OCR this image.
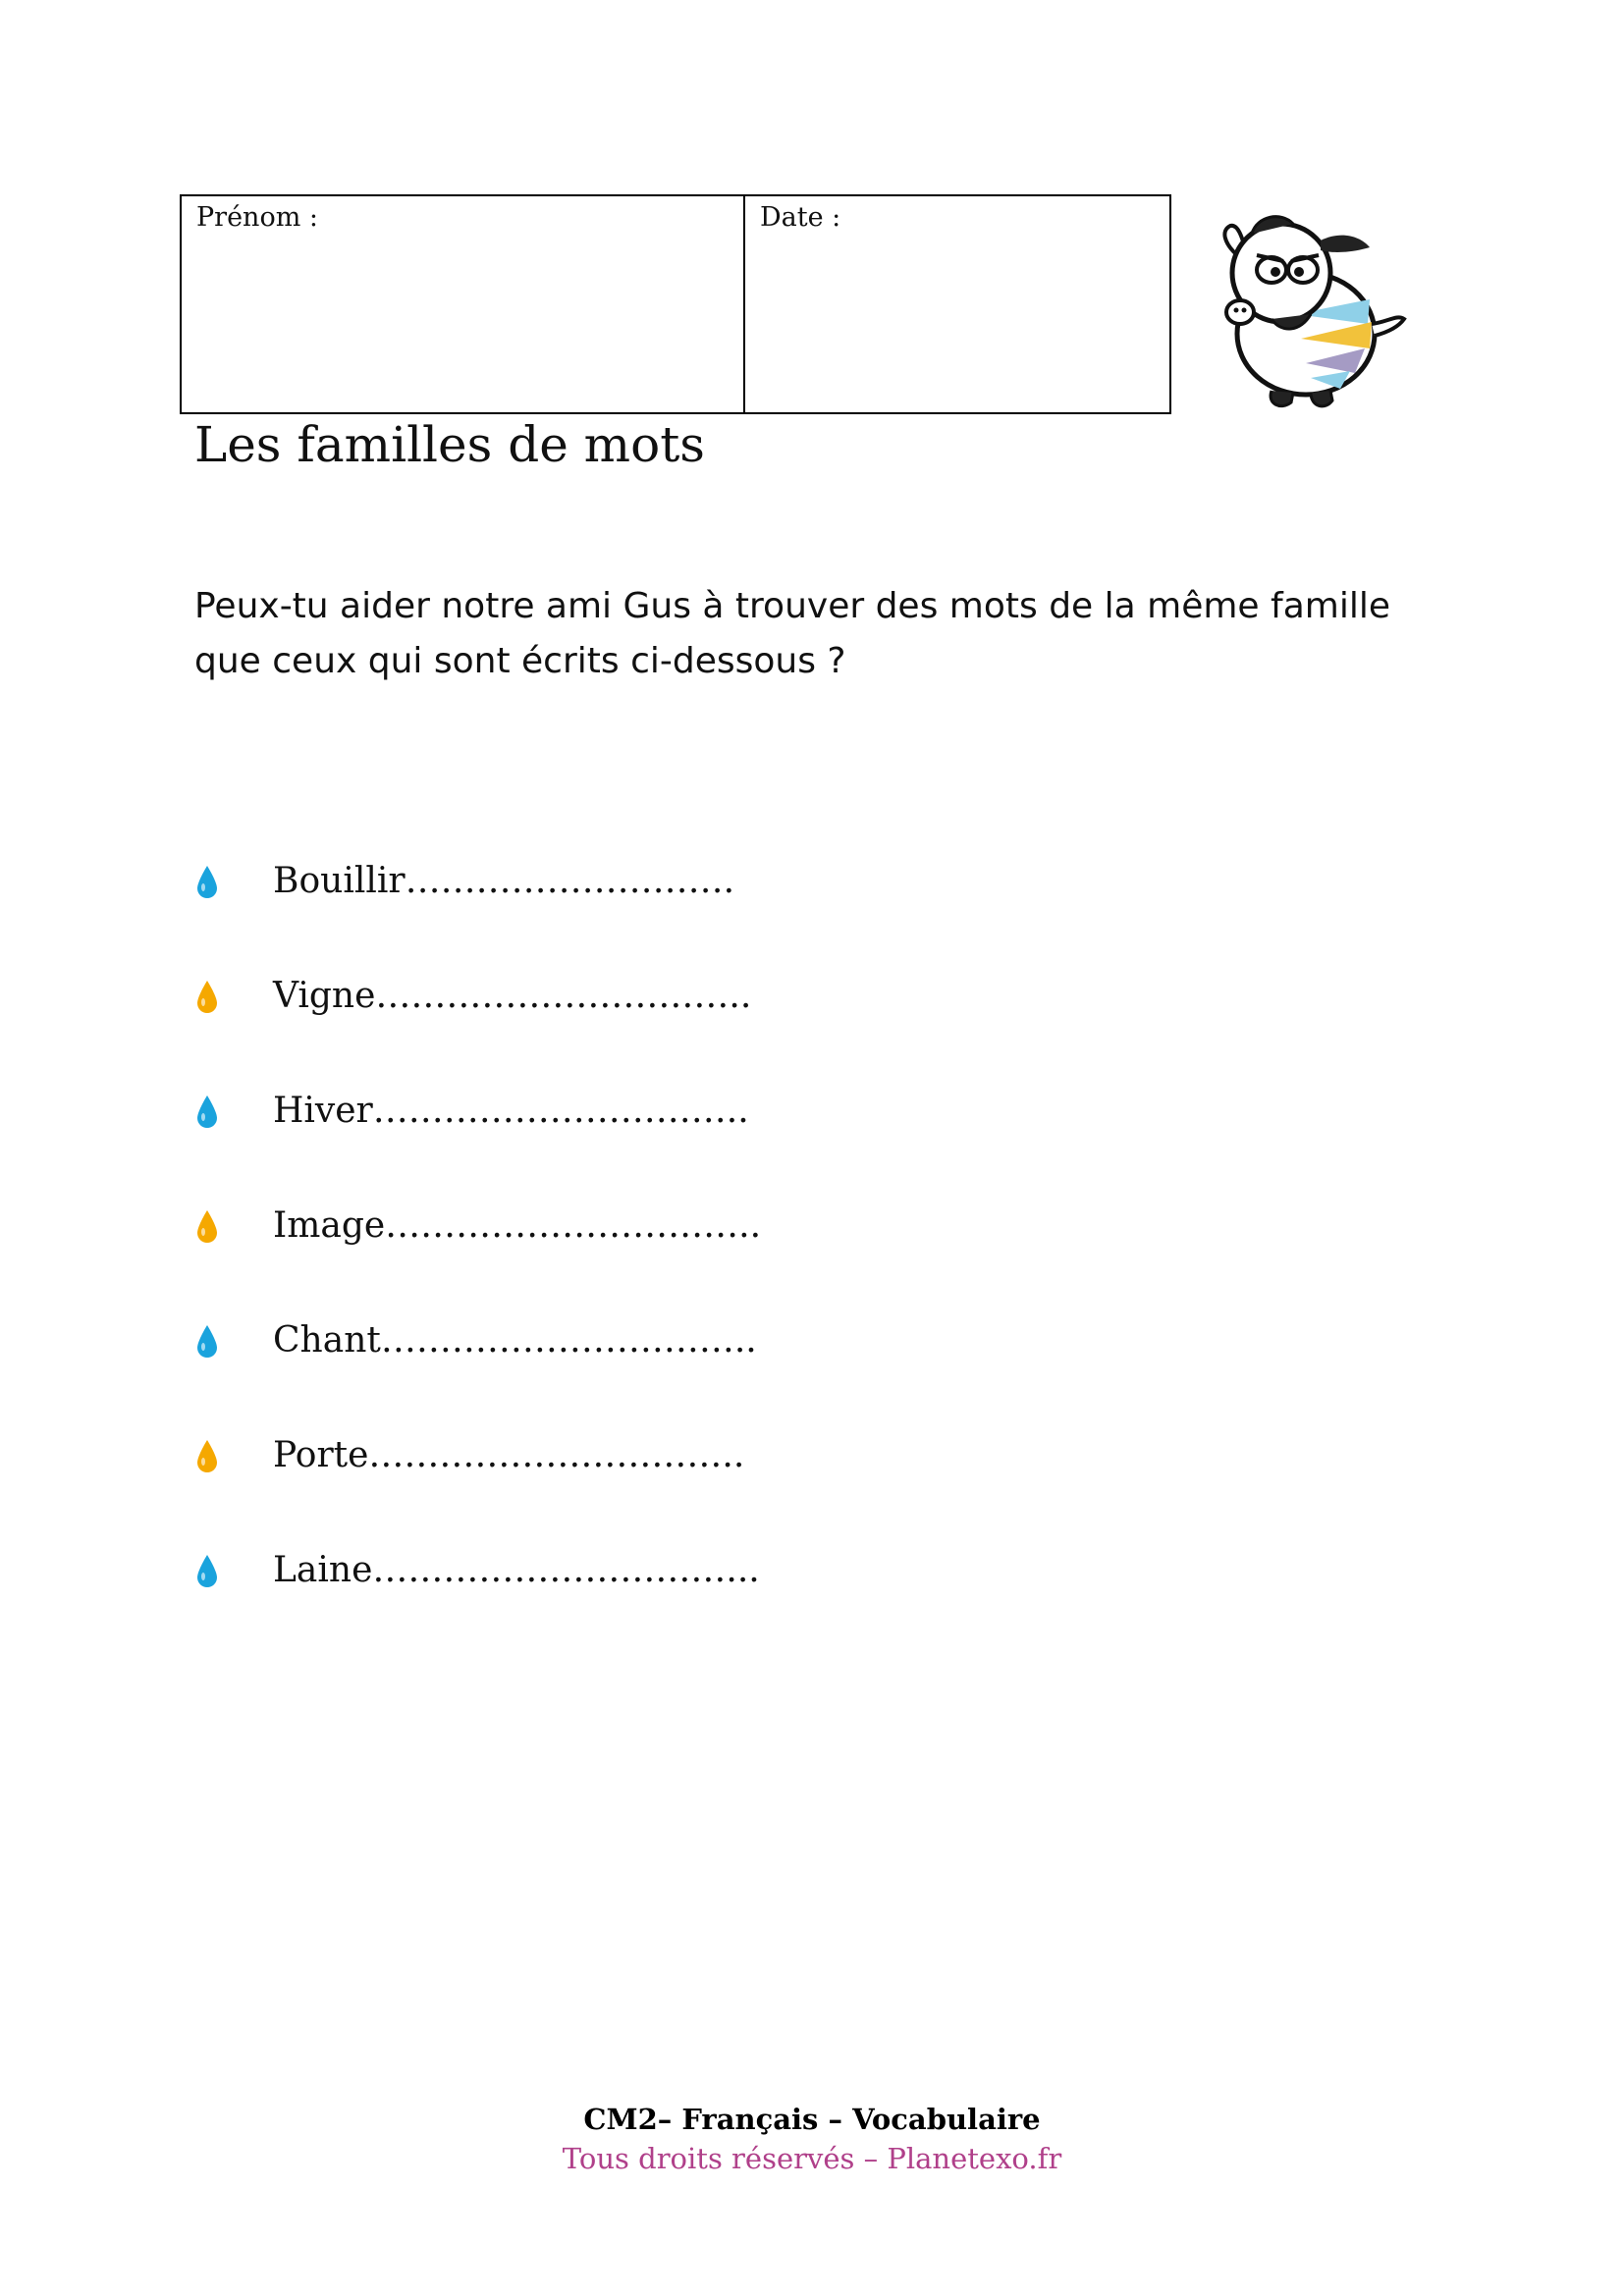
Prénom :	Date :
Les familles de mots
Peux-tu aider notre ami Gus à trouver des mots de la même famille
que ceux qui sont écrits ci-dessous ?
Bouillir……………………….
Vigne…………………………..
Hiver…………………………..
Image…………………………..
Chant…………………………..
Porte…………………………..
Laine…………………………...
CM2– Français – Vocabulaire
Tous droits réservés – Planetexo.fr
